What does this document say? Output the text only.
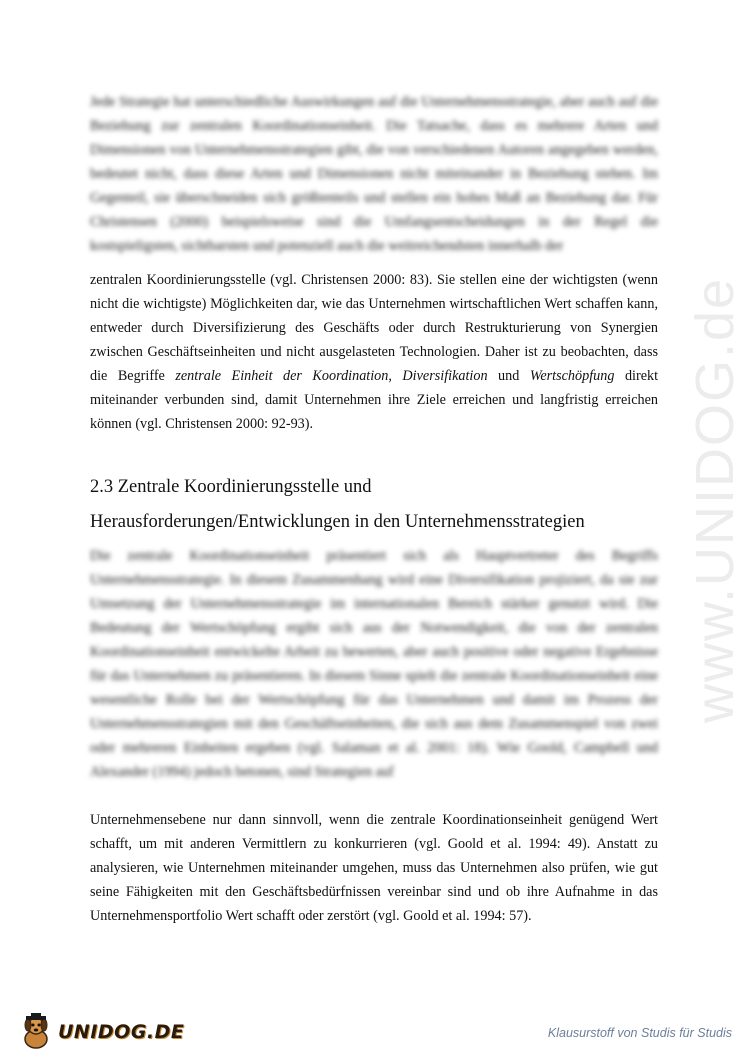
www.UNIDOG.de

Jede Strategie hat unterschiedliche Auswirkungen auf die Unternehmensstrategie, aber auch auf die Beziehung zur zentralen Koordinationseinheit. Die Tatsache, dass es mehrere Arten und Dimensionen von Unternehmensstrategien gibt, die von verschiedenen Autoren angegeben werden, bedeutet nicht, dass diese Arten und Dimensionen nicht miteinander in Beziehung stehen. Im Gegenteil, sie überschneiden sich größtenteils und stellen ein hohes Maß an Beziehung dar. Für Christensen (2000) beispielsweise sind die Umfangsentscheidungen in der Regel die kostspieligsten, sichtbarsten und potenziell auch die weitreichendsten innerhalb der

zentralen Koordinierungsstelle (vgl. Christensen 2000: 83). Sie stellen eine der wichtigsten (wenn nicht die wichtigste) Möglichkeiten dar, wie das Unternehmen wirtschaftlichen Wert schaffen kann, entweder durch Diversifizierung des Geschäfts oder durch Restrukturierung von Synergien zwischen Geschäftseinheiten und nicht ausgelasteten Technologien. Daher ist zu beobachten, dass die Begriffe zentrale Einheit der Koordination, Diversifikation und Wertschöpfung direkt miteinander verbunden sind, damit Unternehmen ihre Ziele erreichen und langfristig erreichen können (vgl. Christensen 2000: 92-93).

2.3 Zentrale Koordinierungsstelle und
Herausforderungen/Entwicklungen in den Unternehmensstrategien

Die zentrale Koordinationseinheit präsentiert sich als Hauptvertreter des Begriffs Unternehmensstrategie. In diesem Zusammenhang wird eine Diversifikation projiziert, da sie zur Umsetzung der Unternehmensstrategie im internationalen Bereich stärker genutzt wird. Die Bedeutung der Wertschöpfung ergibt sich aus der Notwendigkeit, die von der zentralen Koordinationseinheit entwickelte Arbeit zu bewerten, aber auch positive oder negative Ergebnisse für das Unternehmen zu präsentieren. In diesem Sinne spielt die zentrale Koordinationseinheit eine wesentliche Rolle bei der Wertschöpfung für das Unternehmen und damit im Prozess der Unternehmensstrategien mit den Geschäftseinheiten, die sich aus dem Zusammenspiel von zwei oder mehreren Einheiten ergeben (vgl. Salaman et al. 2001: 18). Wie Goold, Campbell und Alexander (1994) jedoch betonen, sind Strategien auf

Unternehmensebene nur dann sinnvoll, wenn die zentrale Koordinationseinheit genügend Wert schafft, um mit anderen Vermittlern zu konkurrieren (vgl. Goold et al. 1994: 49). Anstatt zu analysieren, wie Unternehmen miteinander umgehen, muss das Unternehmen also prüfen, wie gut seine Fähigkeiten mit den Geschäftsbedürfnissen vereinbar sind und ob ihre Aufnahme in das Unternehmensportfolio Wert schafft oder zerstört (vgl. Goold et al. 1994: 57).

UNIDOG.DE	Klausurstoff von Studis für Studis
